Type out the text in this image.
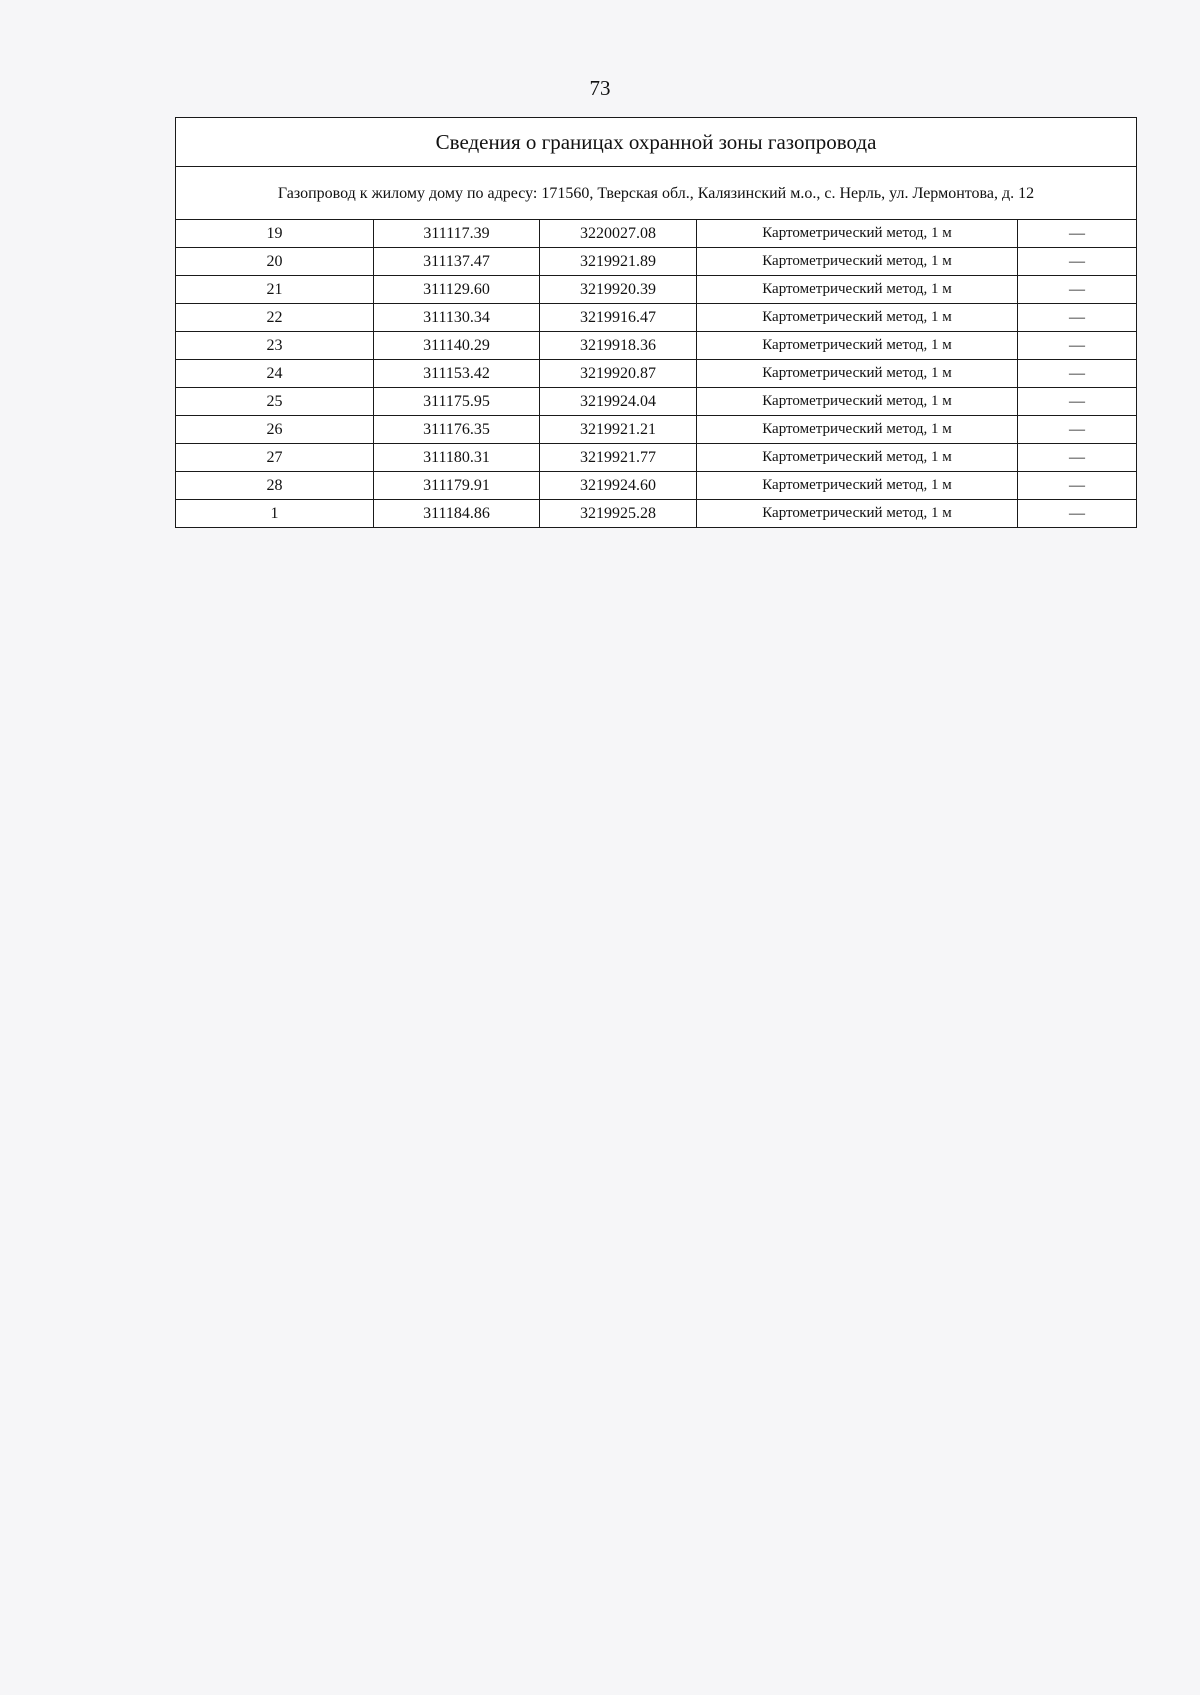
73
Сведения о границах охранной зоны газопровода				
Газопровод к жилому дому по адресу: 171560, Тверская обл., Калязинский м.о., с. Нерль, ул. Лермонтова, д. 12				
19	311117.39	3220027.08	Картометрический метод, 1 м	—
20	311137.47	3219921.89	Картометрический метод, 1 м	—
21	311129.60	3219920.39	Картометрический метод, 1 м	—
22	311130.34	3219916.47	Картометрический метод, 1 м	—
23	311140.29	3219918.36	Картометрический метод, 1 м	—
24	311153.42	3219920.87	Картометрический метод, 1 м	—
25	311175.95	3219924.04	Картометрический метод, 1 м	—
26	311176.35	3219921.21	Картометрический метод, 1 м	—
27	311180.31	3219921.77	Картометрический метод, 1 м	—
28	311179.91	3219924.60	Картометрический метод, 1 м	—
1	311184.86	3219925.28	Картометрический метод, 1 м	—
